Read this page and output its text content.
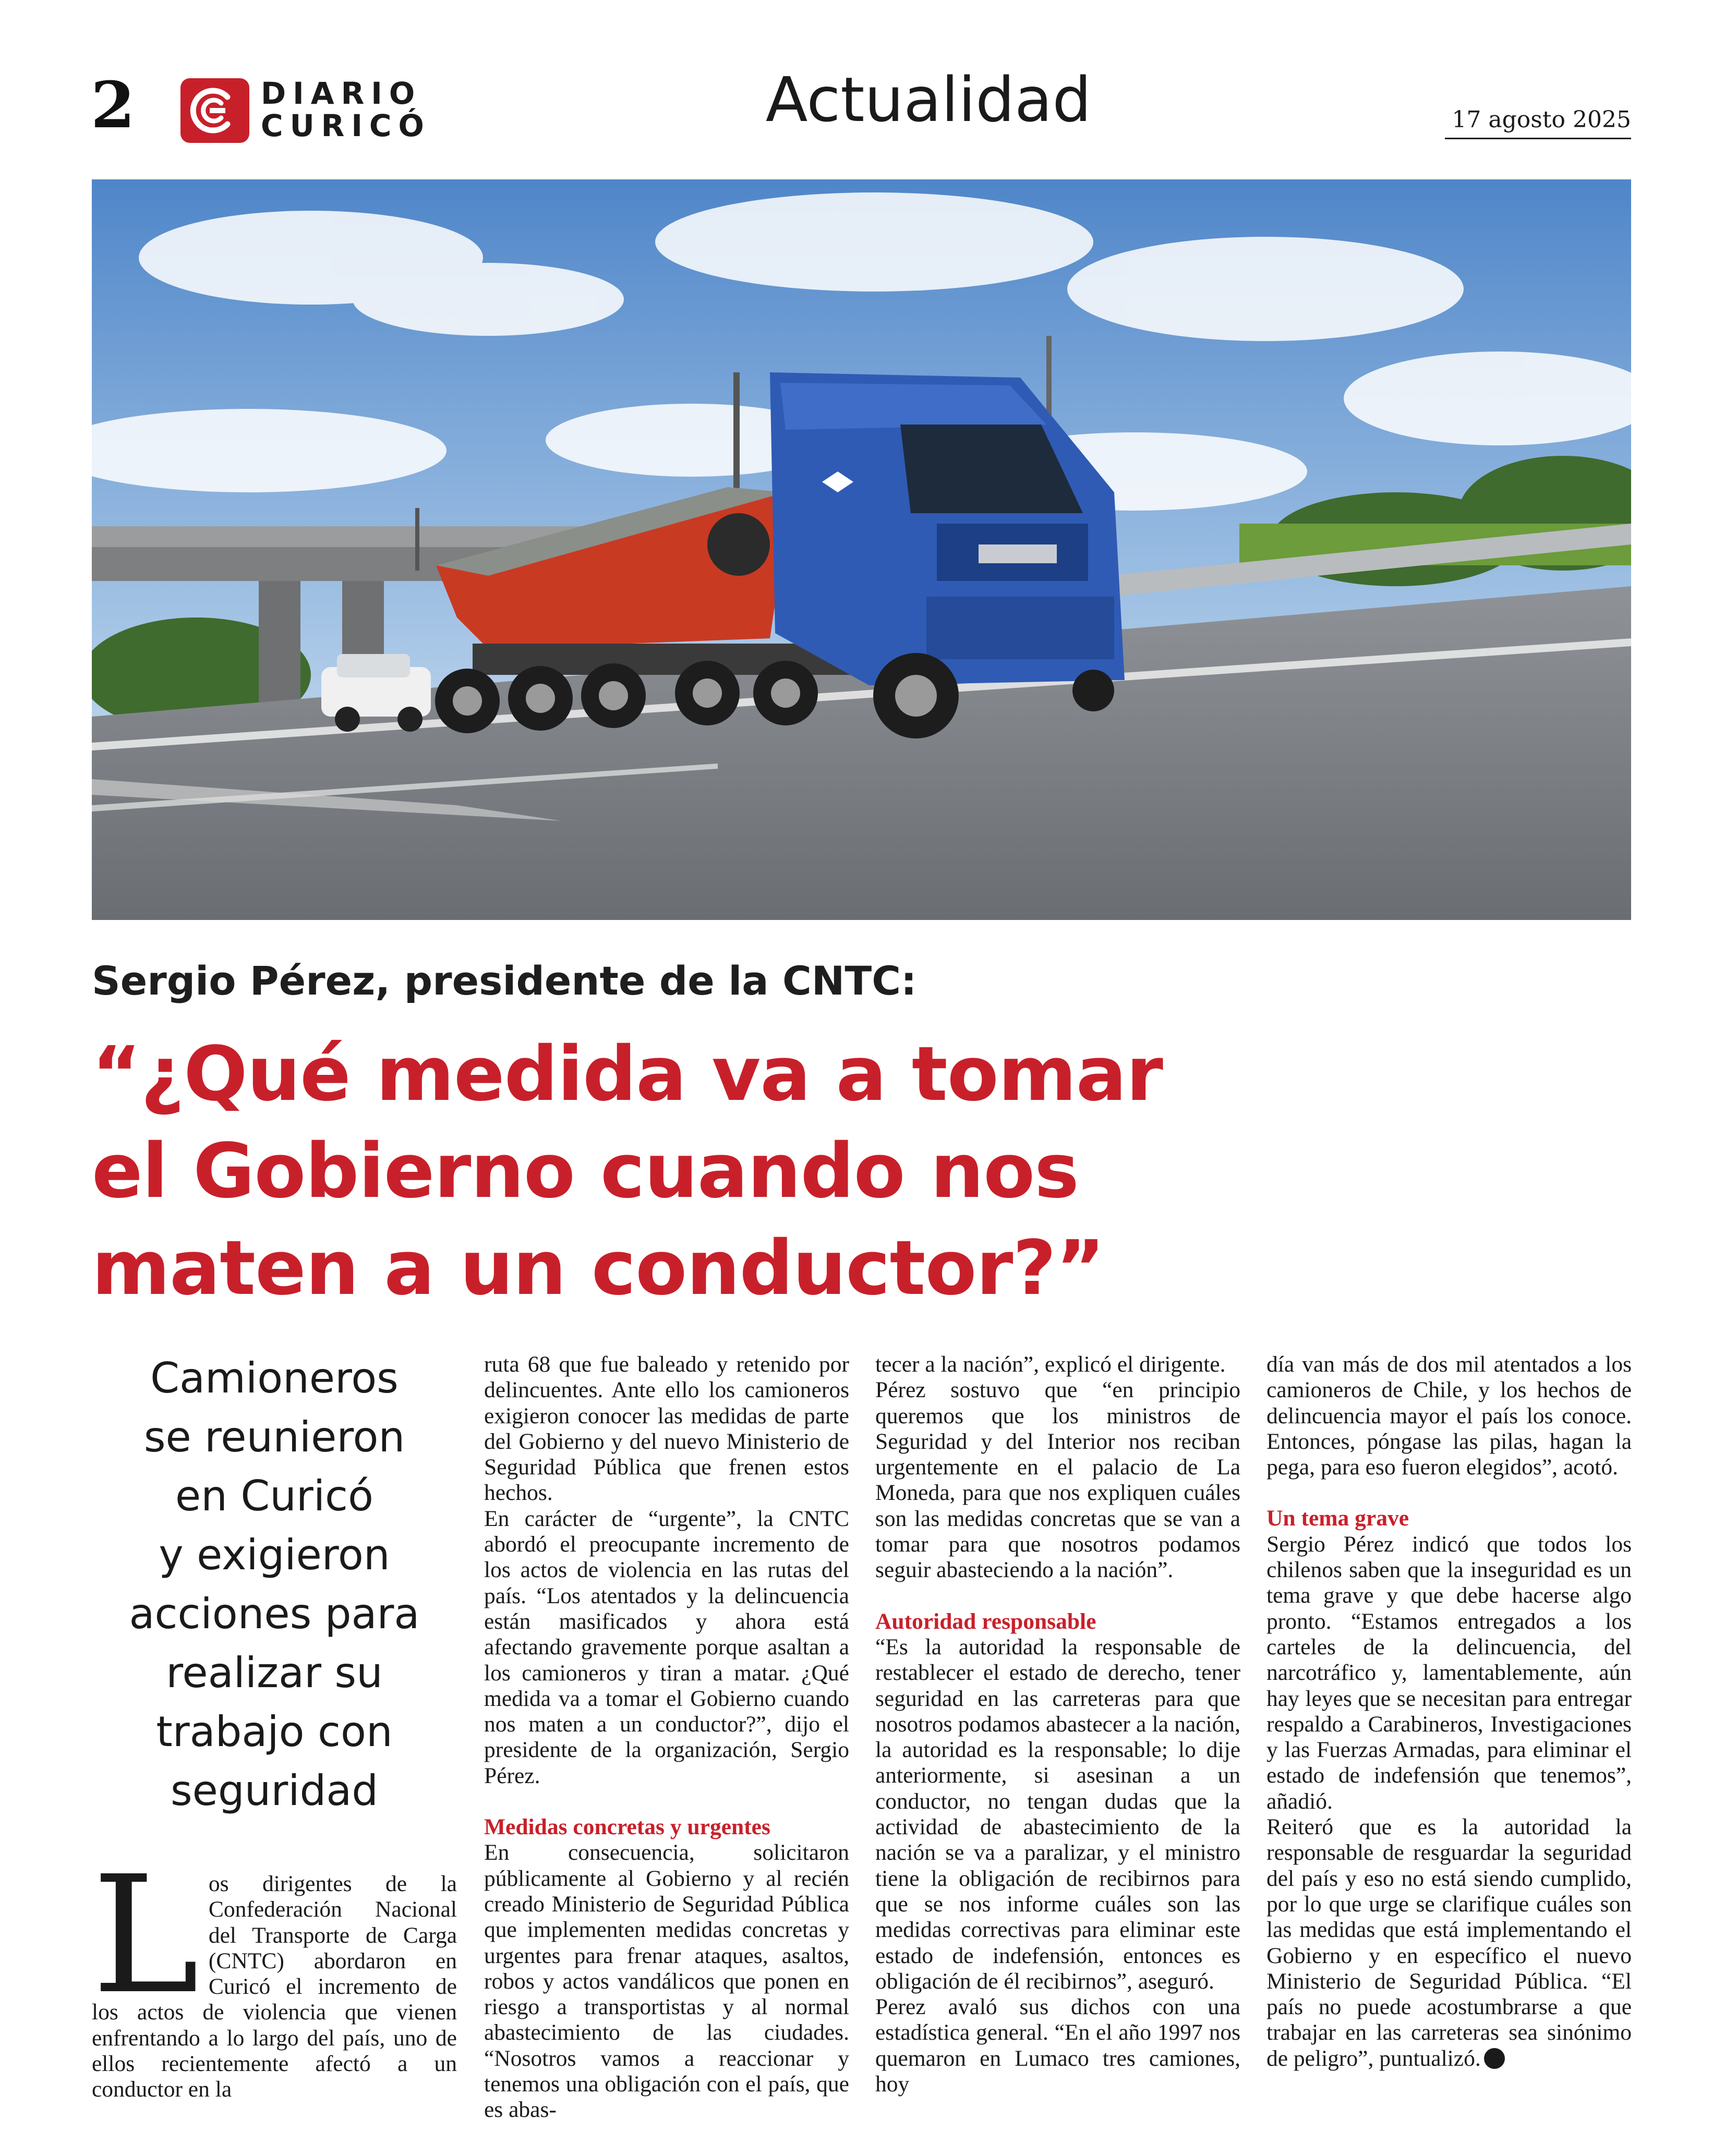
2	DIARIO
CURICÓ	Actualidad	17 agosto 2025
Sergio Pérez, presidente de la CNTC:
“¿Qué medida va a tomar
el Gobierno cuando nos
maten a un conductor?”
Camioneros
se reunieron
en Curicó
y exigieron
acciones para
realizar su
trabajo con
seguridad

Los dirigentes de la Confederación Nacional del Transporte de Carga (CNTC) abordaron en Curicó el incremento de los actos de violencia que vienen enfrentando a lo largo del país, uno de ellos recientemente afectó a un conductor en la

ruta 68 que fue baleado y retenido por delincuentes. Ante ello los camioneros exigieron conocer las medidas de parte del Gobierno y del nuevo Ministerio de Seguridad Pública que frenen estos hechos.

En carácter de “urgente”, la CNTC abordó el preocupante incremento de los actos de violencia en las rutas del país. “Los atentados y la delincuencia están masificados y ahora está afectando gravemente porque asaltan a los camioneros y tiran a matar. ¿Qué medida va a tomar el Gobierno cuando nos maten a un conductor?”, dijo el presidente de la organización, Sergio Pérez.

Medidas concretas y urgentes

En consecuencia, solicitaron públicamente al Gobierno y al recién creado Ministerio de Seguridad Pública que implementen medidas concretas y urgentes para frenar ataques, asaltos, robos y actos vandálicos que ponen en riesgo a transportistas y al normal abastecimiento de las ciudades. “Nosotros vamos a reaccionar y tenemos una obligación con el país, que es abas-

tecer a la nación”, explicó el dirigente.

Pérez sostuvo que “en principio queremos que los ministros de Seguridad y del Interior nos reciban urgentemente en el palacio de La Moneda, para que nos expliquen cuáles son las medidas concretas que se van a tomar para que nosotros podamos seguir abasteciendo a la nación”.

Autoridad responsable

“Es la autoridad la responsable de restablecer el estado de derecho, tener seguridad en las carreteras para que nosotros podamos abastecer a la nación, la autoridad es la responsable; lo dije anteriormente, si asesinan a un conductor, no tengan dudas que la actividad de abastecimiento de la nación se va a paralizar, y el ministro tiene la obligación de recibirnos para que se nos informe cuáles son las medidas correctivas para eliminar este estado de indefensión, entonces es obligación de él recibirnos”, aseguró.

Perez avaló sus dichos con una estadística general. “En el año 1997 nos quemaron en Lumaco tres camiones, hoy

día van más de dos mil atentados a los camioneros de Chile, y los hechos de delincuencia mayor el país los conoce. Entonces, póngase las pilas, hagan la pega, para eso fueron elegidos”, acotó.

Un tema grave

Sergio Pérez indicó que todos los chilenos saben que la inseguridad es un tema grave y que debe hacerse algo pronto. “Estamos entregados a los carteles de la delincuencia, del narcotráfico y, lamentablemente, aún hay leyes que se necesitan para entregar respaldo a Carabineros, Investigaciones y las Fuerzas Armadas, para eliminar el estado de indefensión que tenemos”, añadió.

Reiteró que es la autoridad la responsable de resguardar la seguridad del país y eso no está siendo cumplido, por lo que urge se clarifique cuáles son las medidas que está implementando el Gobierno y en específico el nuevo Ministerio de Seguridad Pública. “El país no puede acostumbrarse a que trabajar en las carreteras sea sinónimo de peligro”, puntualizó.
